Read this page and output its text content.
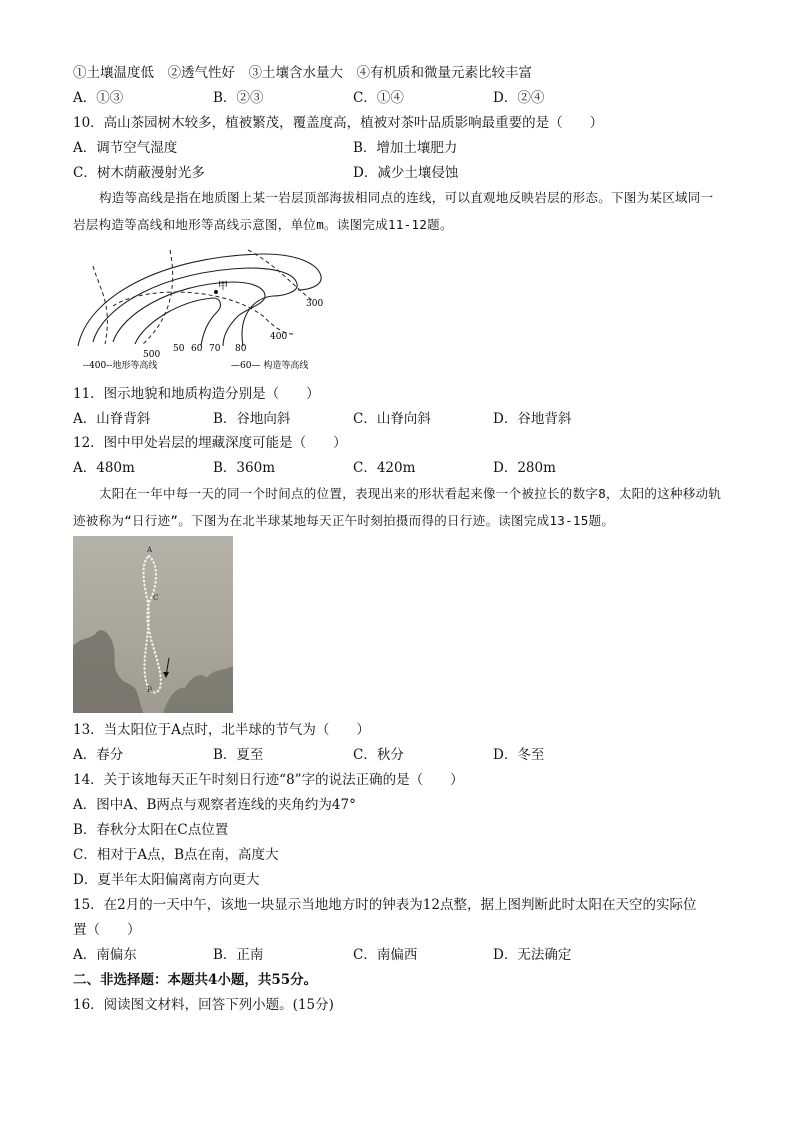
①土壤温度低　②透气性好　③土壤含水量大　④有机质和微量元素比较丰富
A．①③	B．②③	C．①④	D．②④
10．高山茶园树木较多，植被繁茂，覆盖度高，植被对茶叶品质影响最重要的是（　　）
A．调节空气湿度	B．增加土壤肥力
C．树木荫蔽漫射光多	D．减少土壤侵蚀
构造等高线是指在地质图上某一岩层顶部海拔相同点的连线，可以直观地反映岩层的形态。下图为某区域同一岩层构造等高线和地形等高线示意图，单位m。读图完成11-12题。
甲
300
400
500
50 60 70 80
--400--地形等高线	—60— 构造等高线
11．图示地貌和地质构造分别是（　　）
A．山脊背斜	B．谷地向斜	C．山脊向斜	D．谷地背斜
12．图中甲处岩层的埋藏深度可能是（　　）
A．480m	B．360m	C．420m	D．280m
太阳在一年中每一天的同一个时间点的位置，表现出来的形状看起来像一个被拉长的数字8，太阳的这种移动轨迹被称为“日行迹”。下图为在北半球某地每天正午时刻拍摄而得的日行迹。读图完成13-15题。
A
C
B
13．当太阳位于A点时，北半球的节气为（　　）
A．春分	B．夏至	C．秋分	D．冬至
14．关于该地每天正午时刻日行迹“8”字的说法正确的是（　　）
A．图中A、B两点与观察者连线的夹角约为47°
B．春秋分太阳在C点位置
C．相对于A点，B点在南，高度大
D．夏半年太阳偏离南方向更大
15．在2月的一天中午，该地一块显示当地地方时的钟表为12点整，据上图判断此时太阳在天空的实际位
置（　　）
A．南偏东	B．正南	C．南偏西	D．无法确定
二、非选择题：本题共4小题，共55分。
16．阅读图文材料，回答下列小题。(15分)
